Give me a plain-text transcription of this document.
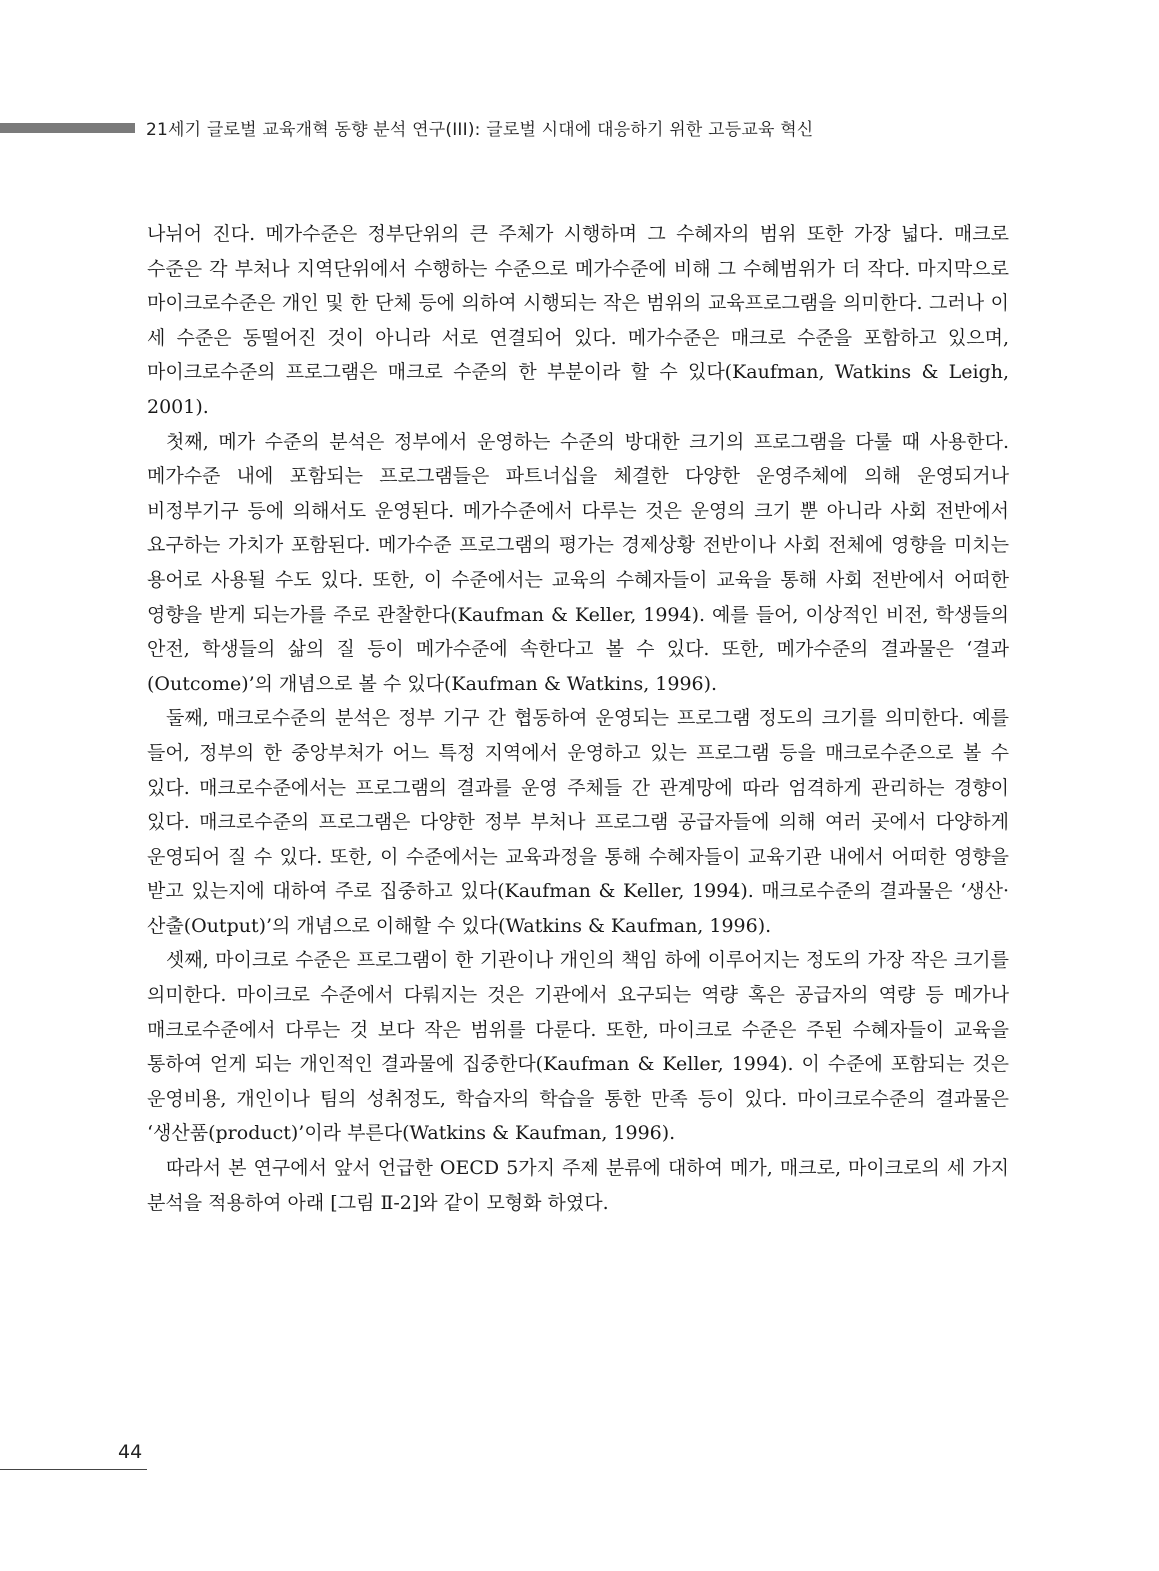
21세기 글로벌 교육개혁 동향 분석 연구(III): 글로벌 시대에 대응하기 위한 고등교육 혁신

나뉘어 진다. 메가수준은 정부단위의 큰 주체가 시행하며 그 수혜자의 범위 또한 가장 넓다. 매크로 수준은 각 부처나 지역단위에서 수행하는 수준으로 메가수준에 비해 그 수혜범위가 더 작다. 마지막으로 마이크로수준은 개인 및 한 단체 등에 의하여 시행되는 작은 범위의 교육프로그램을 의미한다. 그러나 이 세 수준은 동떨어진 것이 아니라 서로 연결되어 있다. 메가수준은 매크로 수준을 포함하고 있으며, 마이크로수준의 프로그램은 매크로 수준의 한 부분이라 할 수 있다(Kaufman, Watkins & Leigh, 2001).

첫째, 메가 수준의 분석은 정부에서 운영하는 수준의 방대한 크기의 프로그램을 다룰 때 사용한다. 메가수준 내에 포함되는 프로그램들은 파트너십을 체결한 다양한 운영주체에 의해 운영되거나 비정부기구 등에 의해서도 운영된다. 메가수준에서 다루는 것은 운영의 크기 뿐 아니라 사회 전반에서 요구하는 가치가 포함된다. 메가수준 프로그램의 평가는 경제상황 전반이나 사회 전체에 영향을 미치는 용어로 사용될 수도 있다. 또한, 이 수준에서는 교육의 수혜자들이 교육을 통해 사회 전반에서 어떠한 영향을 받게 되는가를 주로 관찰한다(Kaufman & Keller, 1994). 예를 들어, 이상적인 비전, 학생들의 안전, 학생들의 삶의 질 등이 메가수준에 속한다고 볼 수 있다. 또한, 메가수준의 결과물은 ‘결과(Outcome)’의 개념으로 볼 수 있다(Kaufman & Watkins, 1996).

둘째, 매크로수준의 분석은 정부 기구 간 협동하여 운영되는 프로그램 정도의 크기를 의미한다. 예를 들어, 정부의 한 중앙부처가 어느 특정 지역에서 운영하고 있는 프로그램 등을 매크로수준으로 볼 수 있다. 매크로수준에서는 프로그램의 결과를 운영 주체들 간 관계망에 따라 엄격하게 관리하는 경향이 있다. 매크로수준의 프로그램은 다양한 정부 부처나 프로그램 공급자들에 의해 여러 곳에서 다양하게 운영되어 질 수 있다. 또한, 이 수준에서는 교육과정을 통해 수혜자들이 교육기관 내에서 어떠한 영향을 받고 있는지에 대하여 주로 집중하고 있다(Kaufman & Keller, 1994). 매크로수준의 결과물은 ‘생산·산출(Output)’의 개념으로 이해할 수 있다(Watkins & Kaufman, 1996).

셋째, 마이크로 수준은 프로그램이 한 기관이나 개인의 책임 하에 이루어지는 정도의 가장 작은 크기를 의미한다. 마이크로 수준에서 다뤄지는 것은 기관에서 요구되는 역량 혹은 공급자의 역량 등 메가나 매크로수준에서 다루는 것 보다 작은 범위를 다룬다. 또한, 마이크로 수준은 주된 수혜자들이 교육을 통하여 얻게 되는 개인적인 결과물에 집중한다(Kaufman & Keller, 1994). 이 수준에 포함되는 것은 운영비용, 개인이나 팀의 성취정도, 학습자의 학습을 통한 만족 등이 있다. 마이크로수준의 결과물은 ‘생산품(product)’이라 부른다(Watkins & Kaufman, 1996).

따라서 본 연구에서 앞서 언급한 OECD 5가지 주제 분류에 대하여 메가, 매크로, 마이크로의 세 가지 분석을 적용하여 아래 [그림 Ⅱ-2]와 같이 모형화 하였다.

44
